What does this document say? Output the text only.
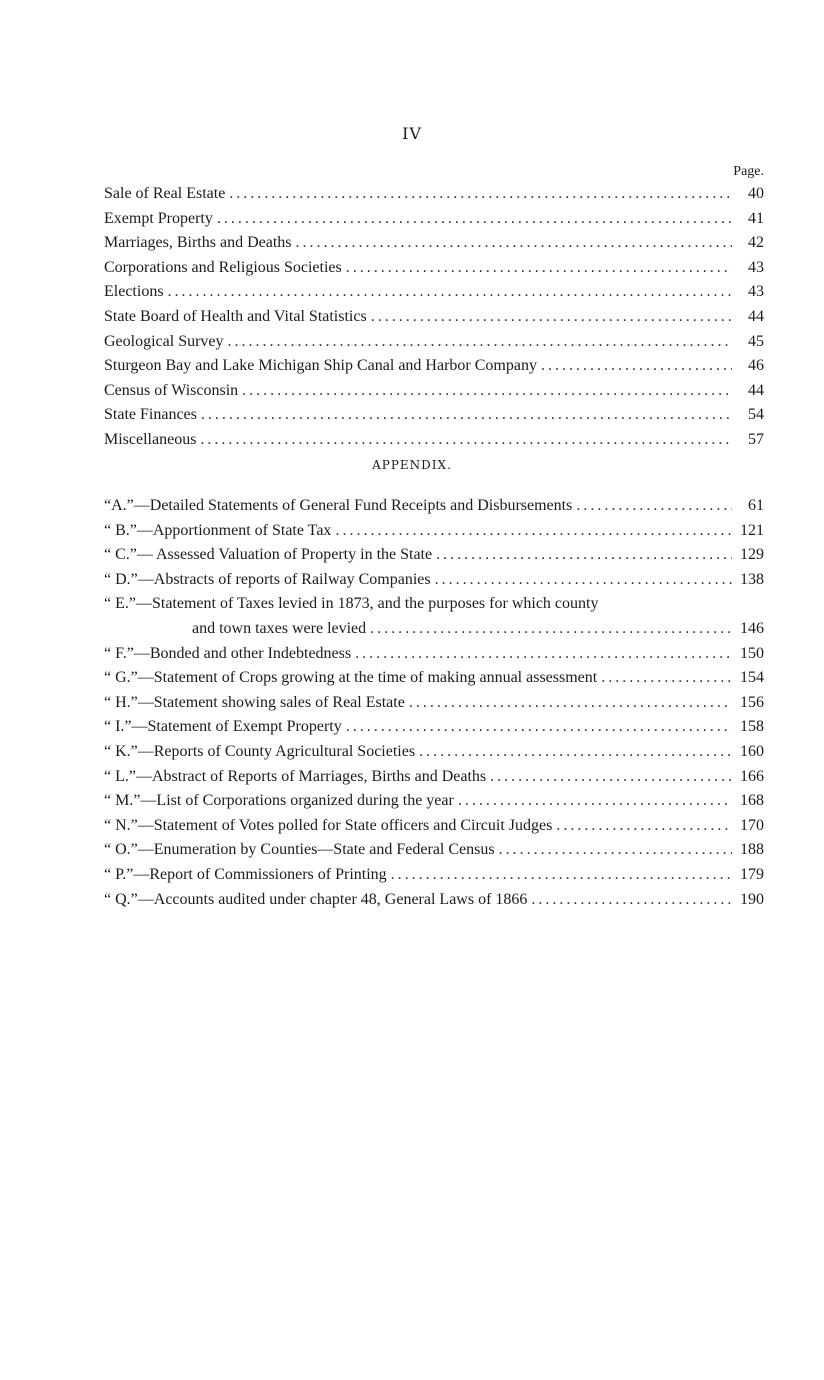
IV
Page.
Sale of Real Estate .....	40
Exempt Property .....	41
Marriages, Births and Deaths .....	42
Corporations and Religious Societies .....	43
Elections .....	43
State Board of Health and Vital Statistics .....	44
Geological Survey .....	45
Sturgeon Bay and Lake Michigan Ship Canal and Harbor Company .....	46
Census of Wisconsin .....	44
State Finances .....	54
Miscellaneous .....	57
APPENDIX.
“A.”—Detailed Statements of General Fund Receipts and Disbursements .....	61
“ B.”—Apportionment of State Tax .....	121
“ C.”— Assessed Valuation of Property in the State .....	129
“ D.”—Abstracts of reports of Railway Companies .....	138
“ E.”—Statement of Taxes levied in 1873, and the purposes for which county
and town taxes were levied .....	146
“ F.”—Bonded and other Indebtedness .....	150
“ G.”—Statement of Crops growing at the time of making annual assessment .....	154
“ H.”—Statement showing sales of Real Estate .....	156
“ I.”—Statement of Exempt Property .....	158
“ K.”—Reports of County Agricultural Societies .....	160
“ L.”—Abstract of Reports of Marriages, Births and Deaths .....	166
“ M.”—List of Corporations organized during the year .....	168
“ N.”—Statement of Votes polled for State officers and Circuit Judges .....	170
“ O.”—Enumeration by Counties—State and Federal Census .....	188
“ P.”—Report of Commissioners of Printing .....	179
“ Q.”—Accounts audited under chapter 48, General Laws of 1866 .....	190
